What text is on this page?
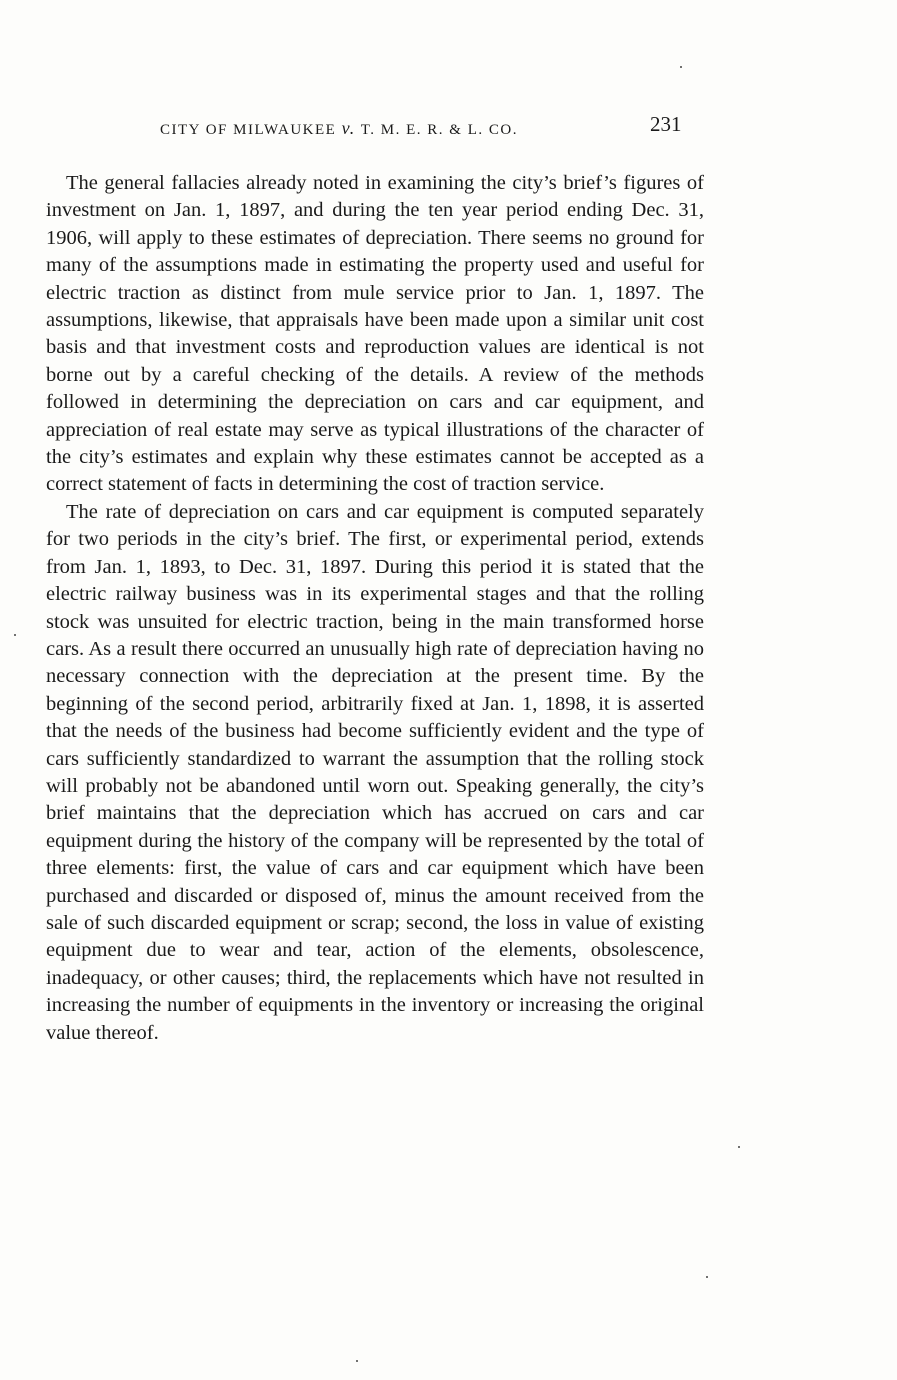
CITY OF MILWAUKEE v. T. M. E. R. & L. CO.	231

The general fallacies already noted in examining the city’s brief’s figures of investment on Jan. 1, 1897, and during the ten year period ending Dec. 31, 1906, will apply to these estimates of depreciation. There seems no ground for many of the assumptions made in estimating the property used and useful for electric traction as distinct from mule service prior to Jan. 1, 1897. The assumptions, likewise, that appraisals have been made upon a similar unit cost basis and that investment costs and reproduction values are identical is not borne out by a careful checking of the details. A review of the methods followed in determining the depreciation on cars and car equipment, and appreciation of real estate may serve as typical illustrations of the character of the city’s estimates and explain why these estimates cannot be accepted as a correct statement of facts in determining the cost of traction service.

The rate of depreciation on cars and car equipment is computed separately for two periods in the city’s brief. The first, or experimental period, extends from Jan. 1, 1893, to Dec. 31, 1897. During this period it is stated that the electric railway business was in its experimental stages and that the rolling stock was unsuited for electric traction, being in the main transformed horse cars. As a result there occurred an unusually high rate of depreciation having no necessary connection with the depreciation at the present time. By the beginning of the second period, arbitrarily fixed at Jan. 1, 1898, it is asserted that the needs of the business had become sufficiently evident and the type of cars sufficiently standardized to warrant the assumption that the rolling stock will probably not be abandoned until worn out. Speaking generally, the city’s brief maintains that the depreciation which has accrued on cars and car equipment during the history of the company will be represented by the total of three elements: first, the value of cars and car equipment which have been purchased and discarded or disposed of, minus the amount received from the sale of such discarded equipment or scrap; second, the loss in value of existing equipment due to wear and tear, action of the elements, obsolescence, inadequacy, or other causes; third, the replacements which have not resulted in increasing the number of equipments in the inventory or increasing the original value thereof.
